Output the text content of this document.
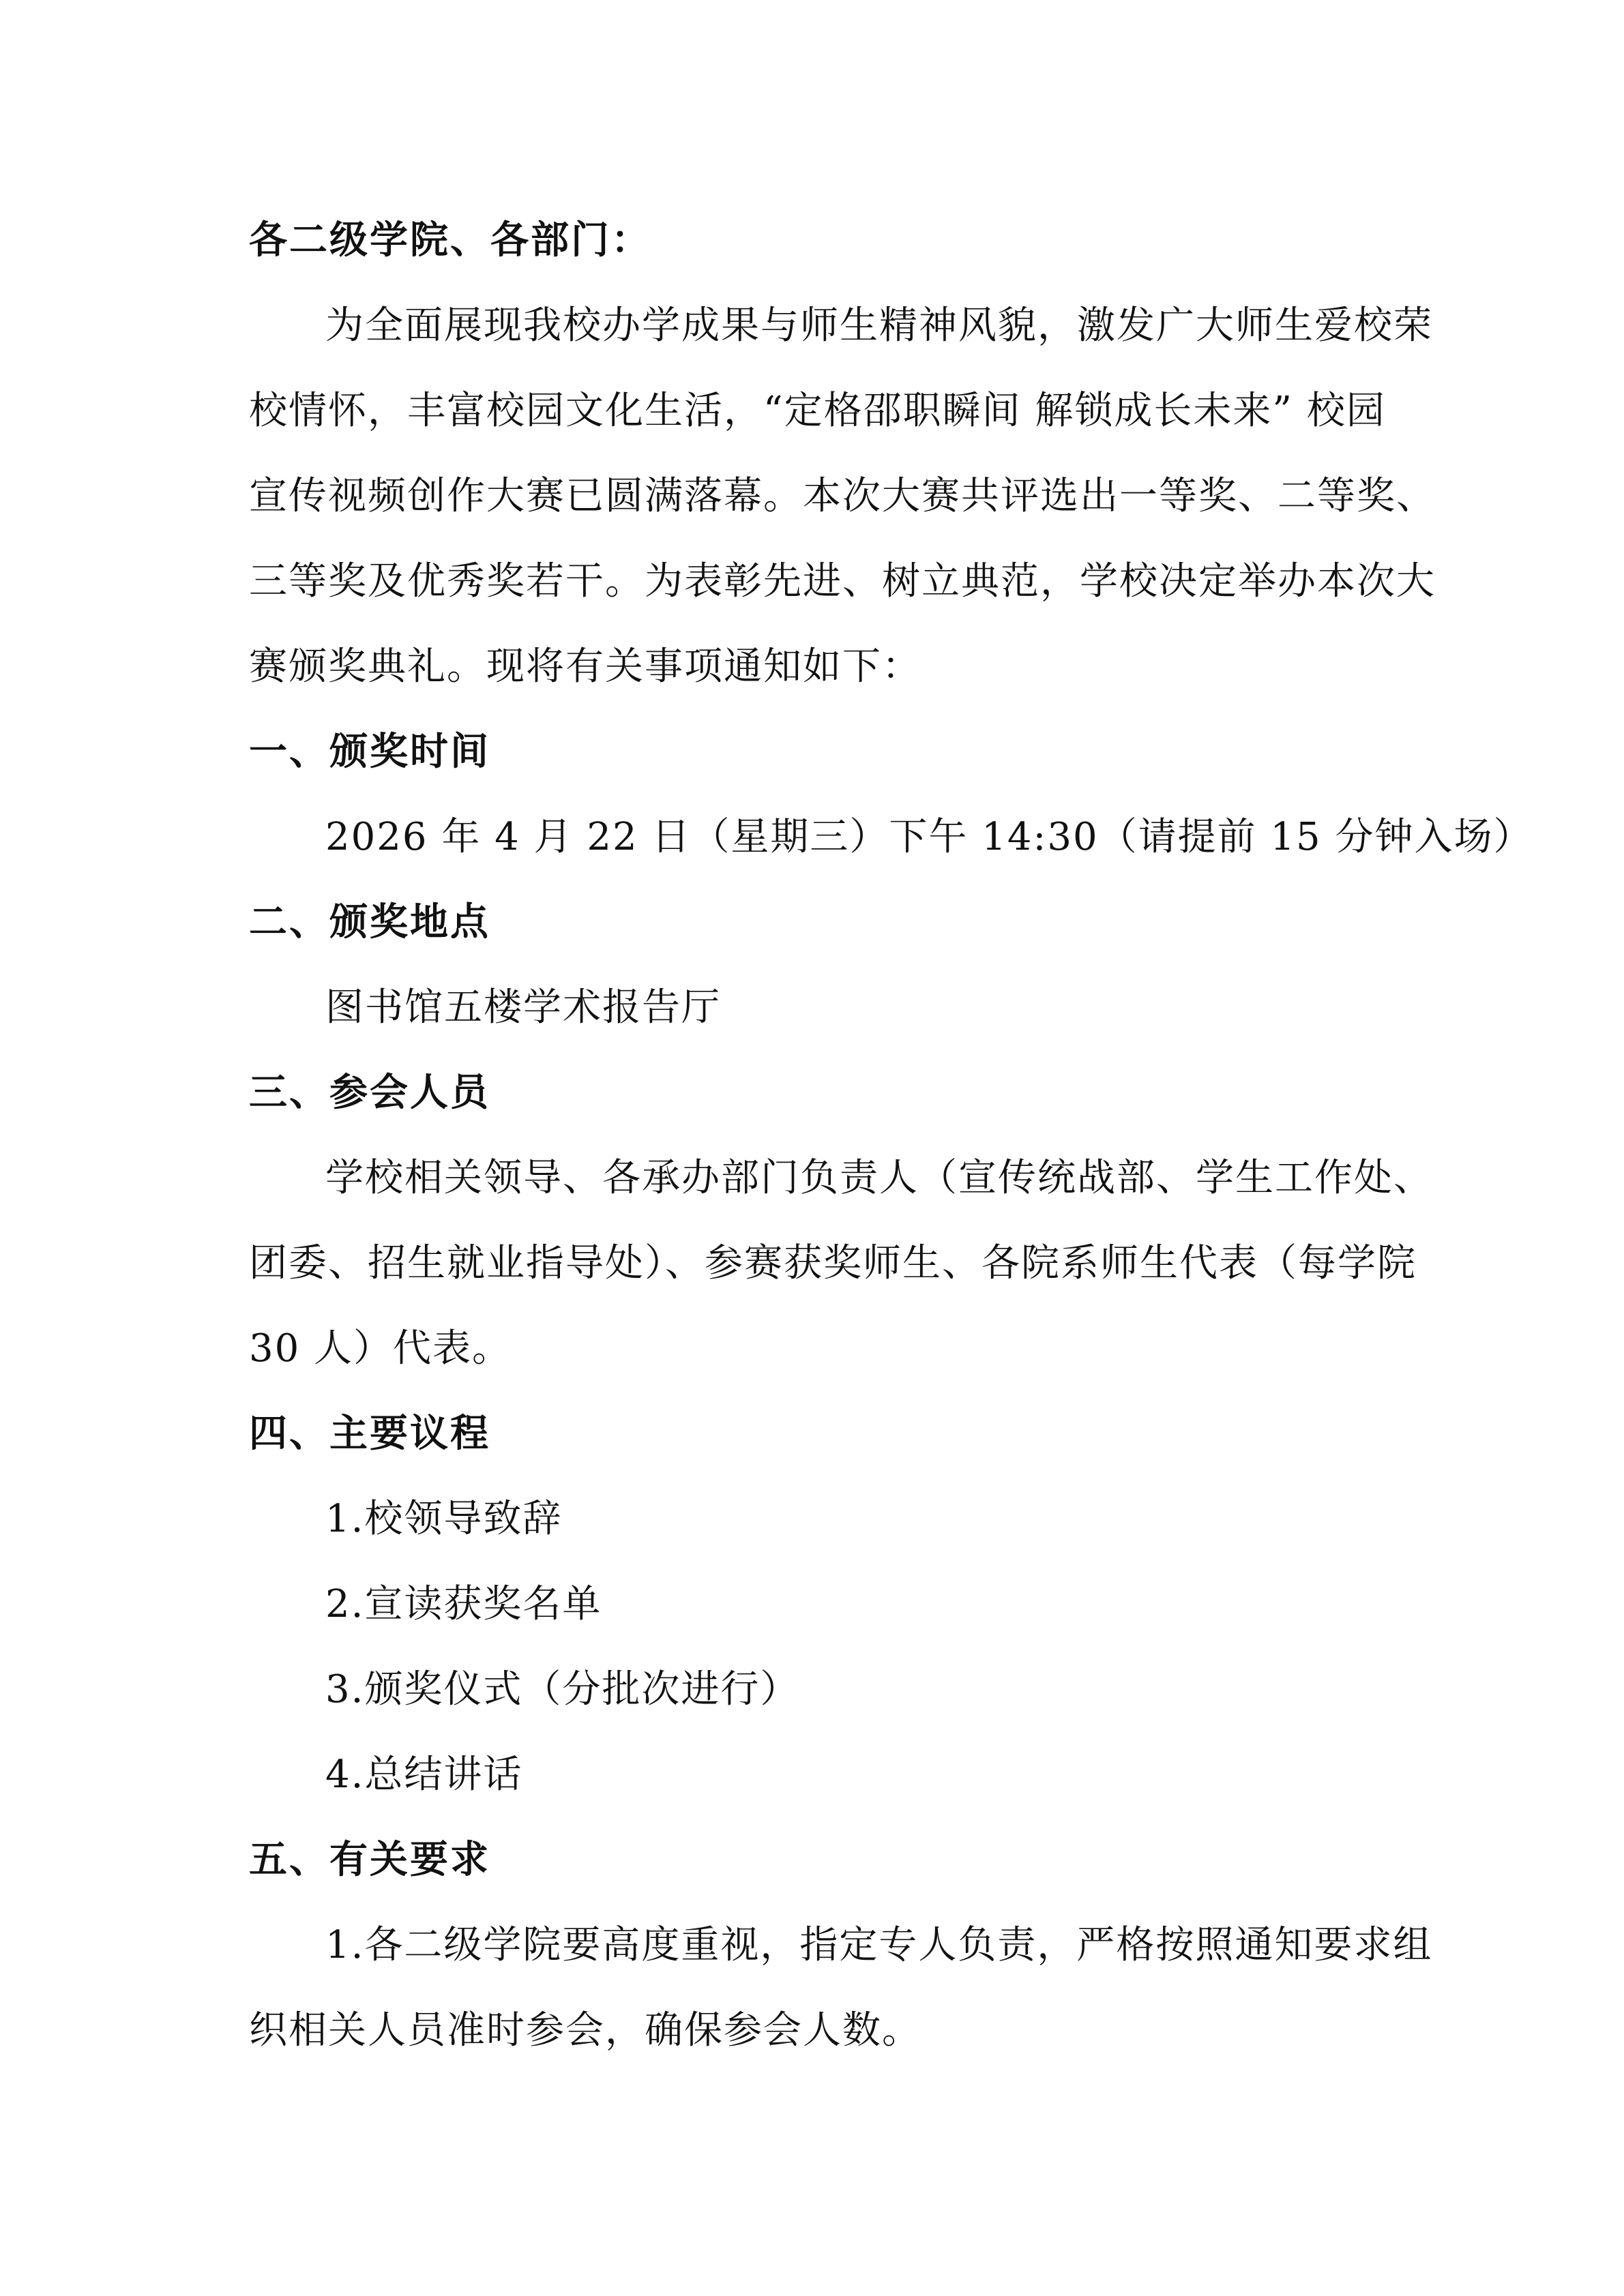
各二级学院、各部门：
为全面展现我校办学成果与师生精神风貌，激发广大师生爱校荣
校情怀，丰富校园文化生活，“定格邵职瞬间 解锁成长未来” 校园
宣传视频创作大赛已圆满落幕。本次大赛共评选出一等奖、二等奖、
三等奖及优秀奖若干。为表彰先进、树立典范，学校决定举办本次大
赛颁奖典礼。现将有关事项通知如下：
一、颁奖时间
2026 年 4 月 22 日（星期三）下午 14:30（请提前 15 分钟入场）
二、颁奖地点
图书馆五楼学术报告厅
三、参会人员
学校相关领导、各承办部门负责人（宣传统战部、学生工作处、
团委、招生就业指导处）、参赛获奖师生、各院系师生代表（每学院
30 人）代表。
四、主要议程
1.校领导致辞
2.宣读获奖名单
3.颁奖仪式（分批次进行）
4.总结讲话
五、有关要求
1.各二级学院要高度重视，指定专人负责，严格按照通知要求组
织相关人员准时参会，确保参会人数。
